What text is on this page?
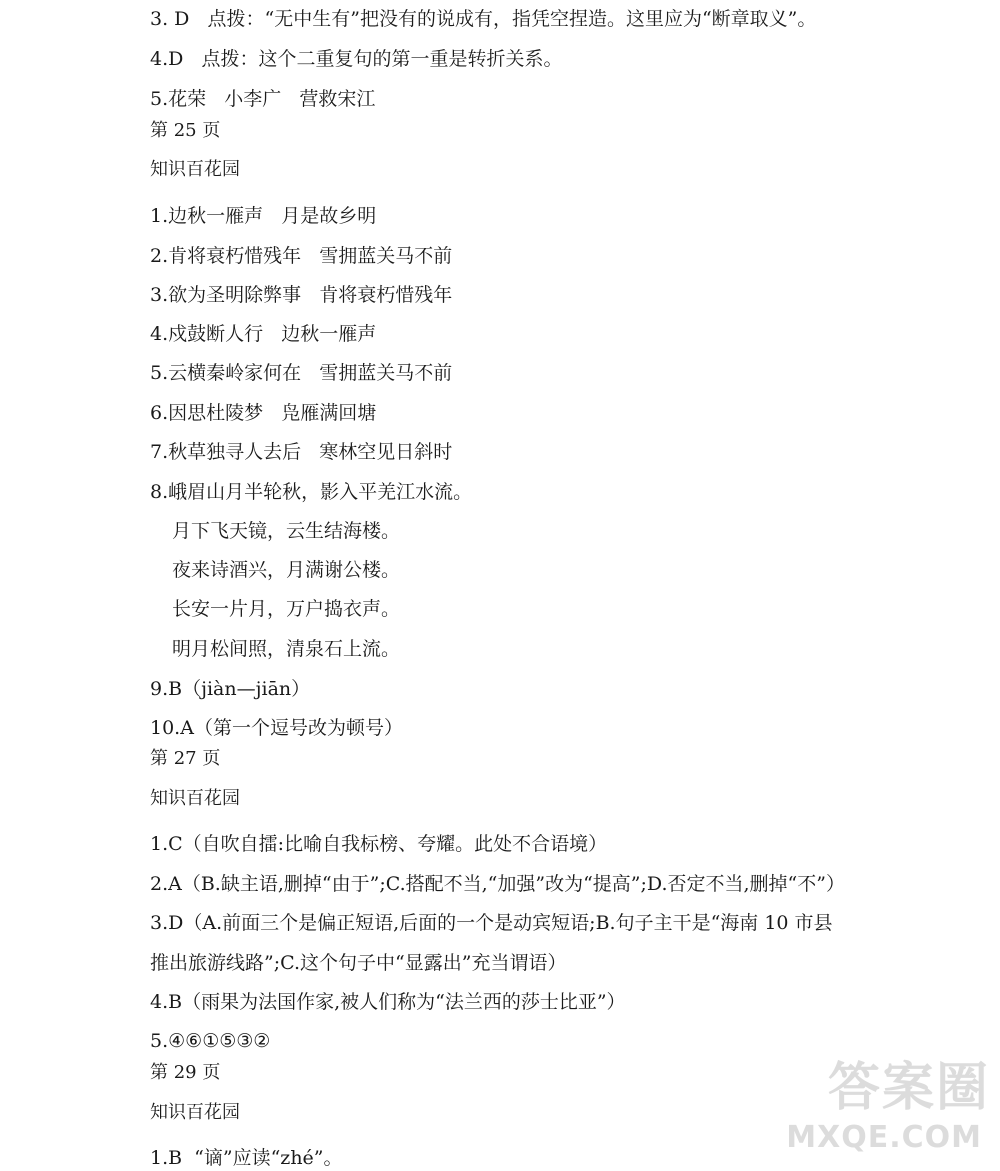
3. D   点拨：“无中生有”把没有的说成有，指凭空捏造。这里应为“断章取义”。
4.D   点拨：这个二重复句的第一重是转折关系。
5.花荣   小李广   营救宋江
第 25 页
知识百花园
1.边秋一雁声   月是故乡明
2.肯将衰朽惜残年   雪拥蓝关马不前
3.欲为圣明除弊事   肯将衰朽惜残年
4.戍鼓断人行   边秋一雁声
5.云横秦岭家何在   雪拥蓝关马不前
6.因思杜陵梦   凫雁满回塘
7.秋草独寻人去后   寒林空见日斜时
8.峨眉山月半轮秋，影入平羌江水流。
月下飞天镜，云生结海楼。
夜来诗酒兴，月满谢公楼。
长安一片月，万户捣衣声。
明月松间照，清泉石上流。
9.B（jiàn—jiān）
10.A（第一个逗号改为顿号）
第 27 页
知识百花园
1.C（自吹自擂:比喻自我标榜、夸耀。此处不合语境）
2.A（B.缺主语,删掉“由于”;C.搭配不当,“加强”改为“提高”;D.否定不当,删掉“不”）
3.D（A.前面三个是偏正短语,后面的一个是动宾短语;B.句子主干是“海南 10 市县
推出旅游线路”;C.这个句子中“显露出”充当谓语）
4.B（雨果为法国作家,被人们称为“法兰西的莎士比亚”）
5.④⑥①⑤③②
第 29 页
知识百花园
1.B  “谪”应读“zhé”。
答案圈
MXQE.COM
